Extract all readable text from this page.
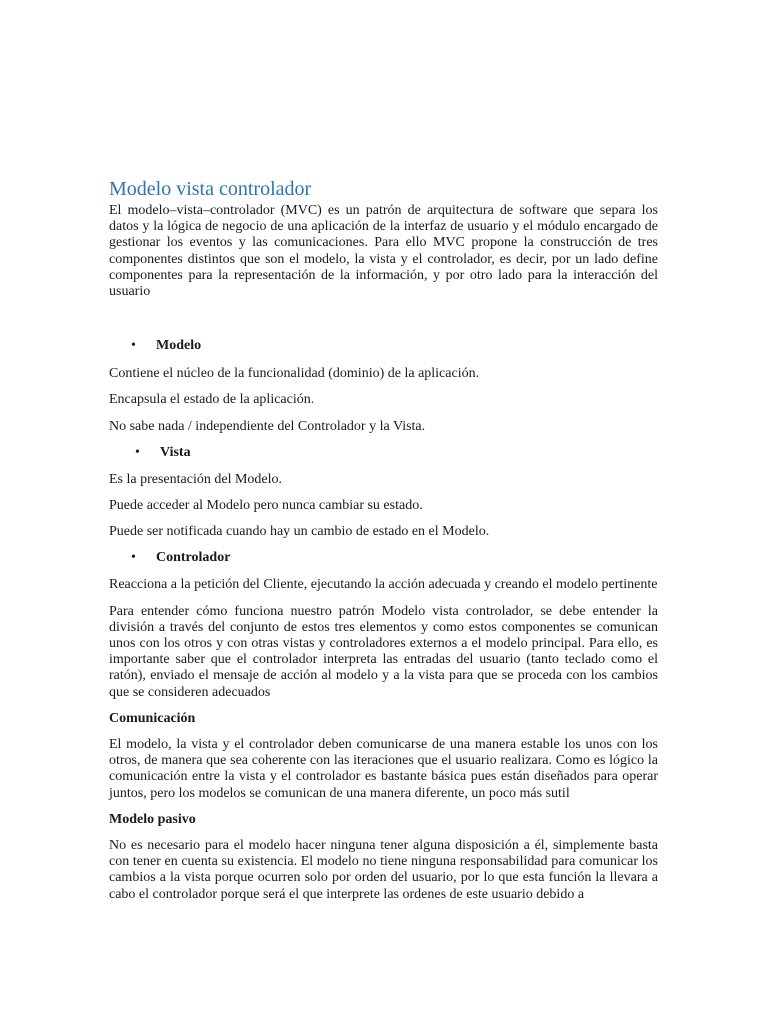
Modelo vista controlador

El modelo–vista–controlador (MVC) es un patrón de arquitectura de software que separa los datos y la lógica de negocio de una aplicación de la interfaz de usuario y el módulo encargado de gestionar los eventos y las comunicaciones. Para ello MVC propone la construcción de tres componentes distintos que son el modelo, la vista y el controlador, es decir, por un lado define componentes para la representación de la información, y por otro lado para la interacción del usuario

•
Modelo

Contiene el núcleo de la funcionalidad (dominio) de la aplicación.

Encapsula el estado de la aplicación.

No sabe nada / independiente del Controlador y la Vista.

•
Vista

Es la presentación del Modelo.

Puede acceder al Modelo pero nunca cambiar su estado.

Puede ser notificada cuando hay un cambio de estado en el Modelo.

•
Controlador

Reacciona a la petición del Cliente, ejecutando la acción adecuada y creando el modelo pertinente

Para entender cómo funciona nuestro patrón Modelo vista controlador, se debe entender la división a través del conjunto de estos tres elementos y como estos componentes se comunican unos con los otros y con otras vistas y controladores externos a el modelo principal. Para ello, es importante saber que el controlador interpreta las entradas del usuario (tanto teclado como el ratón), enviado el mensaje de acción al modelo y a la vista para que se proceda con los cambios que se consideren adecuados

Comunicación

El modelo, la vista y el controlador deben comunicarse de una manera estable los unos con los otros, de manera que sea coherente con las iteraciones que el usuario realizara. Como es lógico la comunicación entre la vista y el controlador es bastante básica pues están diseñados para operar juntos, pero los modelos se comunican de una manera diferente, un poco más sutil

Modelo pasivo

No es necesario para el modelo hacer ninguna tener alguna disposición a él, simplemente basta con tener en cuenta su existencia. El modelo no tiene ninguna responsabilidad para comunicar los cambios a la vista porque ocurren solo por orden del usuario, por lo que esta función la llevara a cabo el controlador porque será el que interprete las ordenes de este usuario debido a
